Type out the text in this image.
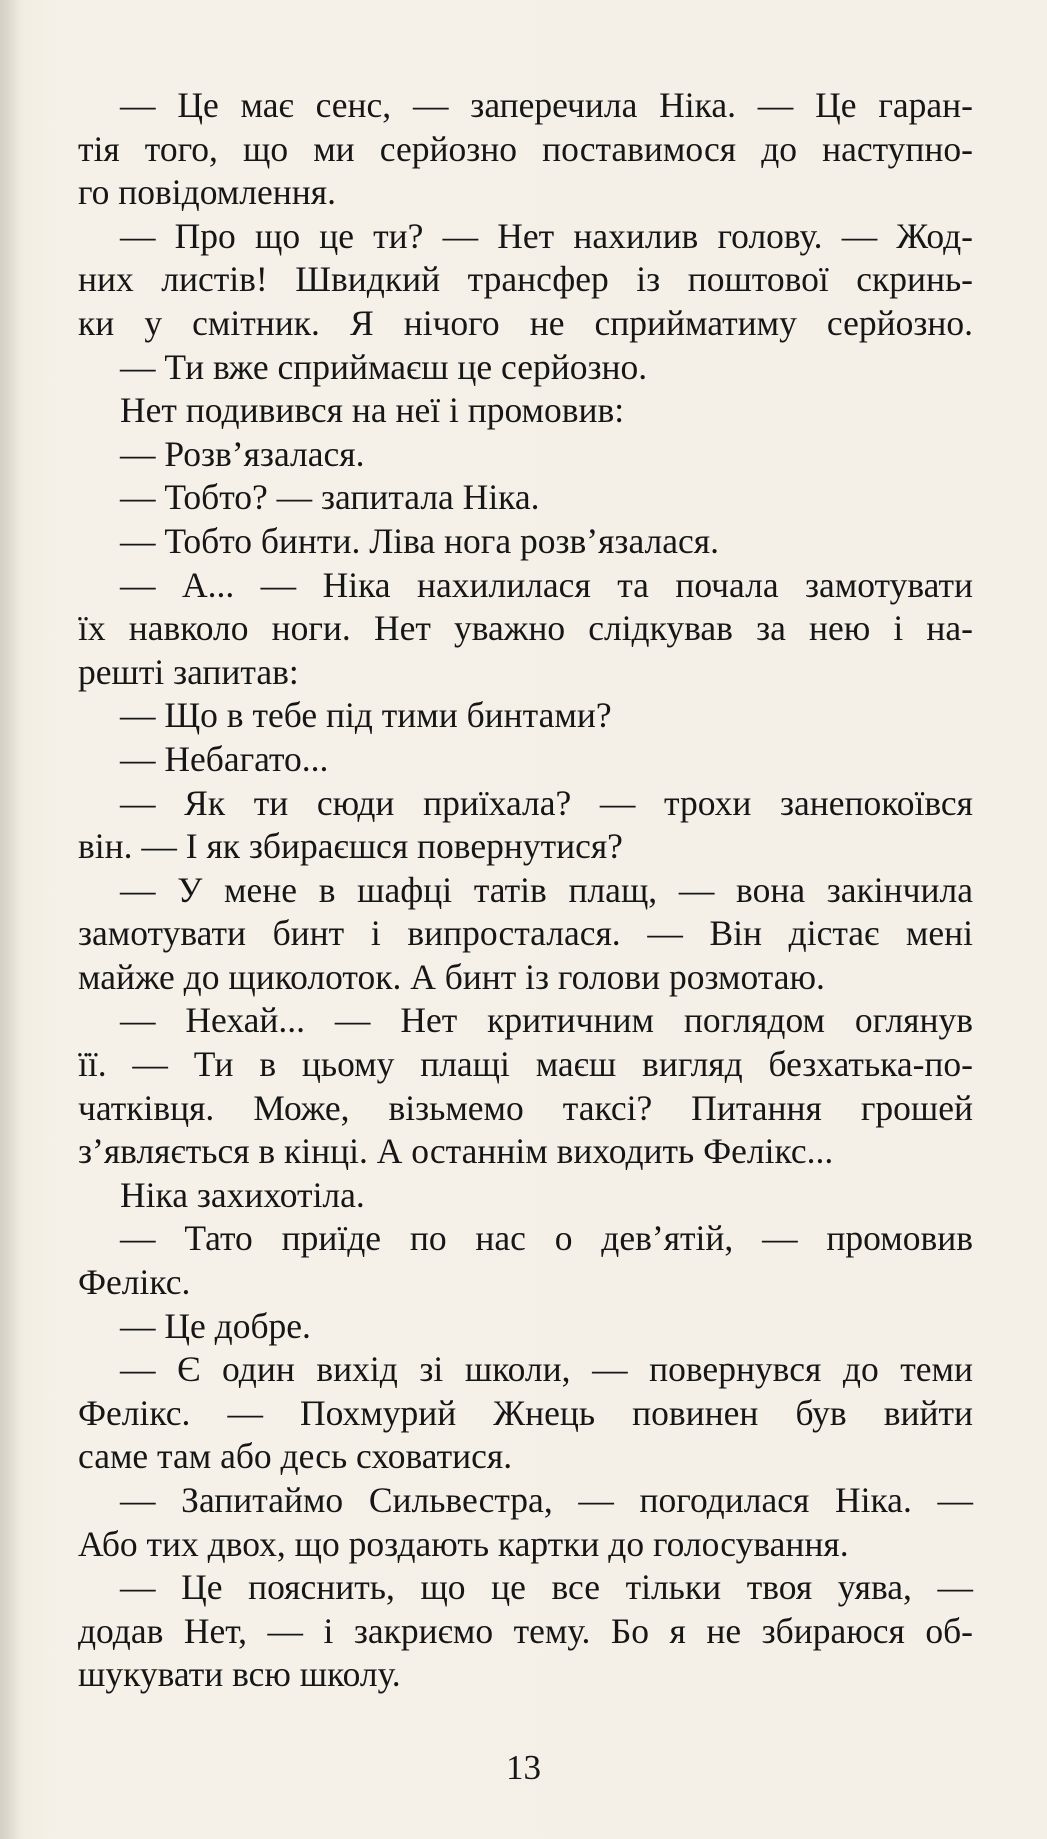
— Це має сенс, — заперечила Ніка. — Це гаран-
тія того, що ми серйозно поставимося до наступно-
го повідомлення.
— Про що це ти? — Нет нахилив голову. — Жод-
них листів! Швидкий трансфер із поштової скринь-
ки у смітник. Я нічого не сприйматиму серйозно.
— Ти вже сприймаєш це серйозно.
Нет подивився на неї і промовив:
— Розв’язалася.
— Тобто? — запитала Ніка.
— Тобто бинти. Ліва нога розв’язалася.
— А... — Ніка нахилилася та почала замотувати
їх навколо ноги. Нет уважно слідкував за нею і на-
решті запитав:
— Що в тебе під тими бинтами?
— Небагато...
— Як ти сюди приїхала? — трохи занепокоївся
він. — І як збираєшся повернутися?
— У мене в шафці татів плащ, — вона закінчила
замотувати бинт і випросталася. — Він дістає мені
майже до щиколоток. А бинт із голови розмотаю.
— Нехай... — Нет критичним поглядом оглянув
її. — Ти в цьому плащі маєш вигляд безхатька-по-
чатківця. Може, візьмемо таксі? Питання грошей
з’являється в кінці. А останнім виходить Фелікс...
Ніка захихотіла.
— Тато приїде по нас о дев’ятій, — промовив
Фелікс.
— Це добре.
— Є один вихід зі школи, — повернувся до теми
Фелікс. — Похмурий Жнець повинен був вийти
саме там або десь сховатися.
— Запитаймо Сильвестра, — погодилася Ніка. —
Або тих двох, що роздають картки до голосування.
— Це пояснить, що це все тільки твоя уява, —
додав Нет, — і закриємо тему. Бо я не збираюся об-
шукувати всю школу.
13
